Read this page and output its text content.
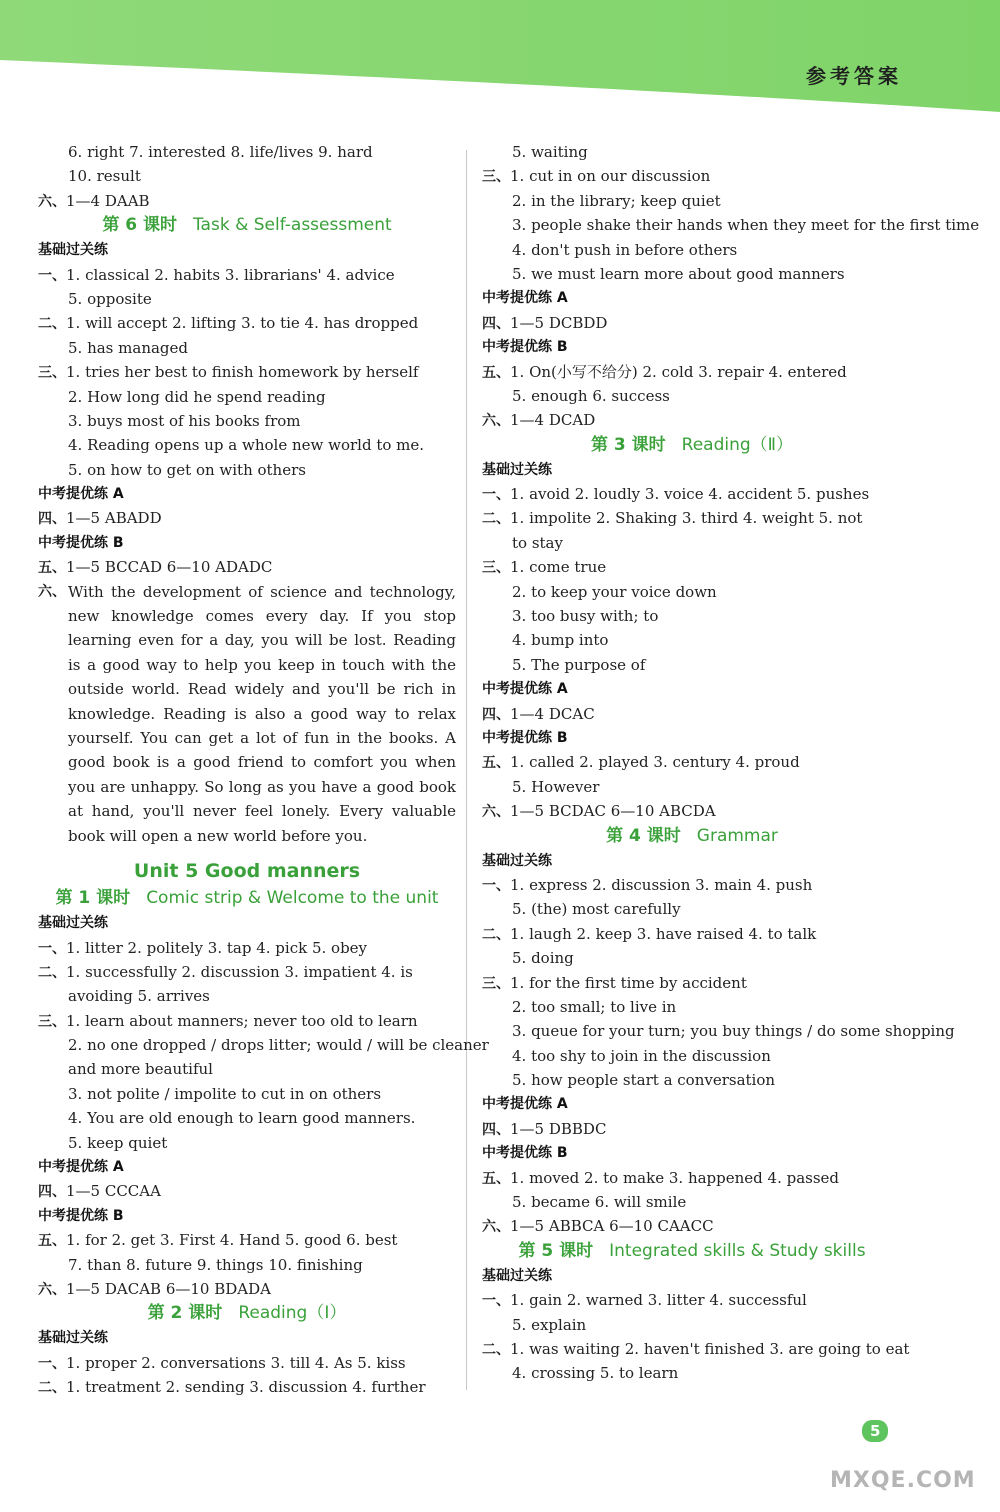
参考答案
6. right 7. interested 8. life/lives 9. hard
10. result
六、1—4 DAAB
第 6 课时 Task & Self-assessment
基础过关练
一、1. classical 2. habits 3. librarians' 4. advice
5. opposite
二、1. will accept 2. lifting 3. to tie 4. has dropped
5. has managed
三、1. tries her best to finish homework by herself
2. How long did he spend reading
3. buys most of his books from
4. Reading opens up a whole new world to me.
5. on how to get on with others
中考提优练 A
四、1—5 ABADD
中考提优练 B
五、1—5 BCCAD 6—10 ADADC
六、 With the development of science and technology, new knowledge comes every day. If you stop learning even for a day, you will be lost. Reading is a good way to help you keep in touch with the outside world. Read widely and you'll be rich in knowledge. Reading is also a good way to relax yourself. You can get a lot of fun in the books. A good book is a good friend to comfort you when you are unhappy. So long as you have a good book at hand, you'll never feel lonely. Every valuable book will open a new world before you.
Unit 5 Good manners
第 1 课时 Comic strip & Welcome to the unit
基础过关练
一、1. litter 2. politely 3. tap 4. pick 5. obey
二、1. successfully 2. discussion 3. impatient 4. is
avoiding 5. arrives
三、1. learn about manners; never too old to learn
2. no one dropped / drops litter; would / will be cleaner
and more beautiful
3. not polite / impolite to cut in on others
4. You are old enough to learn good manners.
5. keep quiet
中考提优练 A
四、1—5 CCCAA
中考提优练 B
五、1. for 2. get 3. First 4. Hand 5. good 6. best
7. than 8. future 9. things 10. finishing
六、1—5 DACAB 6—10 BDADA
第 2 课时 Reading（Ⅰ）
基础过关练
一、1. proper 2. conversations 3. till 4. As 5. kiss
二、1. treatment 2. sending 3. discussion 4. further
5. waiting
三、1. cut in on our discussion
2. in the library; keep quiet
3. people shake their hands when they meet for the first time
4. don't push in before others
5. we must learn more about good manners
中考提优练 A
四、1—5 DCBDD
中考提优练 B
五、1. On(小写不给分) 2. cold 3. repair 4. entered
5. enough 6. success
六、1—4 DCAD
第 3 课时 Reading（Ⅱ）
基础过关练
一、1. avoid 2. loudly 3. voice 4. accident 5. pushes
二、1. impolite 2. Shaking 3. third 4. weight 5. not
to stay
三、1. come true
2. to keep your voice down
3. too busy with; to
4. bump into
5. The purpose of
中考提优练 A
四、1—4 DCAC
中考提优练 B
五、1. called 2. played 3. century 4. proud
5. However
六、1—5 BCDAC 6—10 ABCDA
第 4 课时 Grammar
基础过关练
一、1. express 2. discussion 3. main 4. push
5. (the) most carefully
二、1. laugh 2. keep 3. have raised 4. to talk
5. doing
三、1. for the first time by accident
2. too small; to live in
3. queue for your turn; you buy things / do some shopping
4. too shy to join in the discussion
5. how people start a conversation
中考提优练 A
四、1—5 DBBDC
中考提优练 B
五、1. moved 2. to make 3. happened 4. passed
5. became 6. will smile
六、1—5 ABBCA 6—10 CAACC
第 5 课时 Integrated skills & Study skills
基础过关练
一、1. gain 2. warned 3. litter 4. successful
5. explain
二、1. was waiting 2. haven't finished 3. are going to eat
4. crossing 5. to learn
5
MXQE.COM
